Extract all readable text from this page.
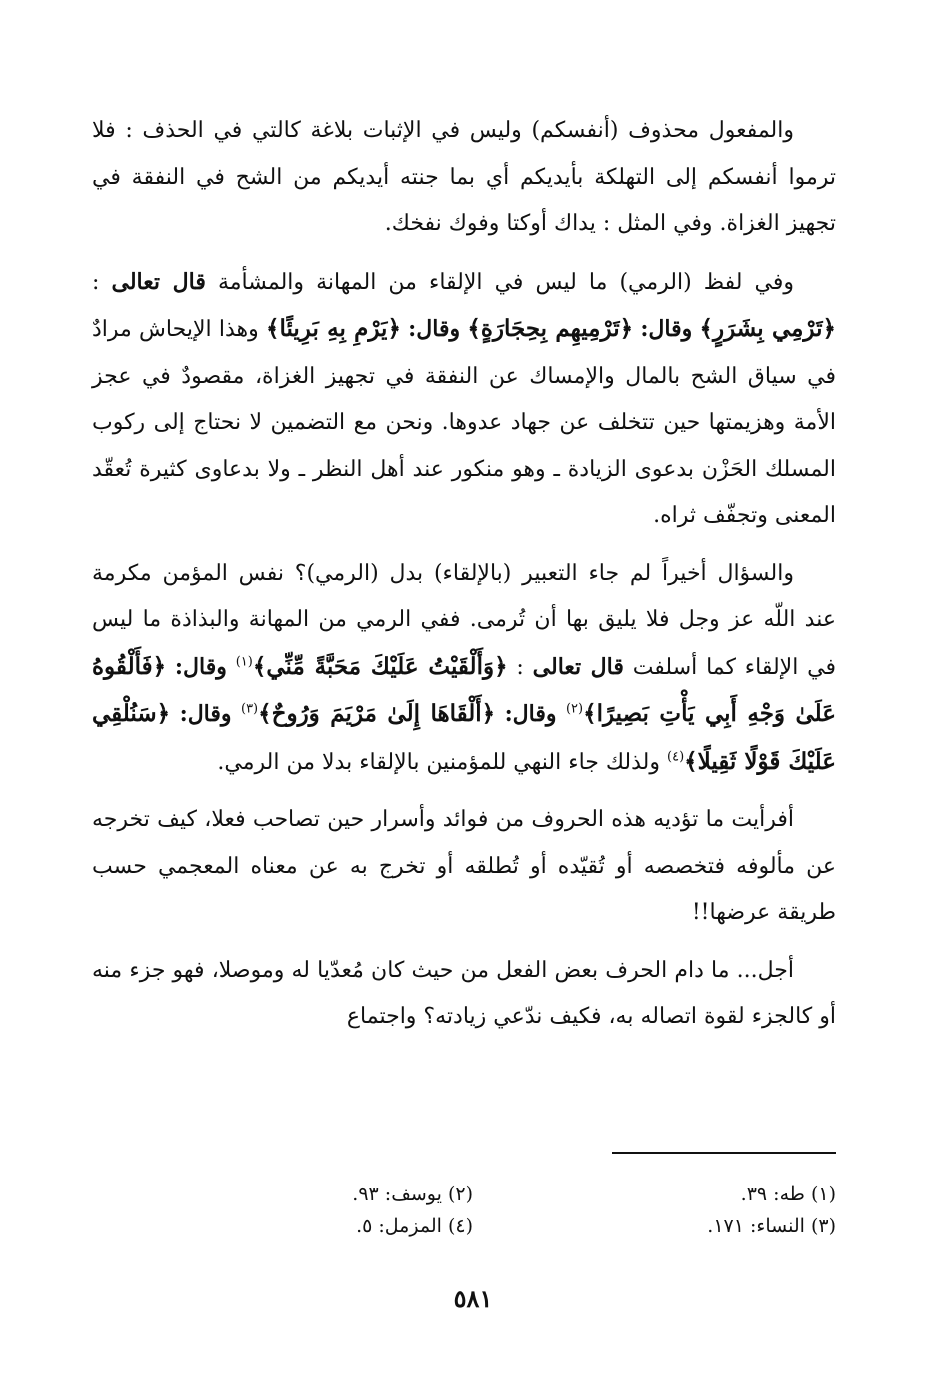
والمفعول محذوف (أنفسكم) وليس في الإثبات بلاغة كالتي في الحذف : فلا ترموا أنفسكم إلى التهلكة بأيديكم أي بما جنته أيديكم من الشح في النفقة في تجهيز الغزاة. وفي المثل : يداك أوكتا وفوك نفخك.

وفي لفظ (الرمي) ما ليس في الإلقاء من المهانة والمشأمة قال تعالى : ﴿تَرْمِي بِشَرَرٍ﴾ وقال: ﴿تَرْمِيهِم بِحِجَارَةٍ﴾ وقال: ﴿يَرْمِ بِهِ بَرِيئًا﴾ وهذا الإيحاش مرادٌ في سياق الشح بالمال والإمساك عن النفقة في تجهيز الغزاة، مقصودٌ في عجز الأمة وهزيمتها حين تتخلف عن جهاد عدوها. ونحن مع التضمين لا نحتاج إلى ركوب المسلك الحَزْن بدعوى الزيادة ـ وهو منكور عند أهل النظر ـ ولا بدعاوى كثيرة تُعقّد المعنى وتجفّف ثراه.

والسؤال أخيراً لم جاء التعبير (بالإلقاء) بدل (الرمي)؟ نفس المؤمن مكرمة عند اللّه عز وجل فلا يليق بها أن تُرمى. ففي الرمي من المهانة والبذاذة ما ليس في الإلقاء كما أسلفت قال تعالى : ﴿وَأَلْقَيْتُ عَلَيْكَ مَحَبَّةً مِّنِّي﴾$^{(١)}$ وقال: ﴿فَأَلْقُوهُ عَلَىٰ وَجْهِ أَبِي يَأْتِ بَصِيرًا﴾$^{(٢)}$ وقال: ﴿أَلْقَاهَا إِلَىٰ مَرْيَمَ وَرُوحٌ﴾$^{(٣)}$ وقال: ﴿سَنُلْقِي عَلَيْكَ قَوْلًا ثَقِيلًا﴾$^{(٤)}$ ولذلك جاء النهي للمؤمنين بالإلقاء بدلا من الرمي.

أفرأيت ما تؤديه هذه الحروف من فوائد وأسرار حين تصاحب فعلا، كيف تخرجه عن مألوفه فتخصصه أو تُقيّده أو تُطلقه أو تخرج به عن معناه المعجمي حسب طريقة عرضها!!

أجل... ما دام الحرف بعض الفعل من حيث كان مُعدّيا له وموصلا، فهو جزء منه أو كالجزء لقوة اتصاله به، فكيف ندّعي زيادته؟ واجتماع

(١) طه: ٣٩.
(٢) يوسف: ٩٣.
(٣) النساء: ١٧١.
(٤) المزمل: ٥.
٥٨١
